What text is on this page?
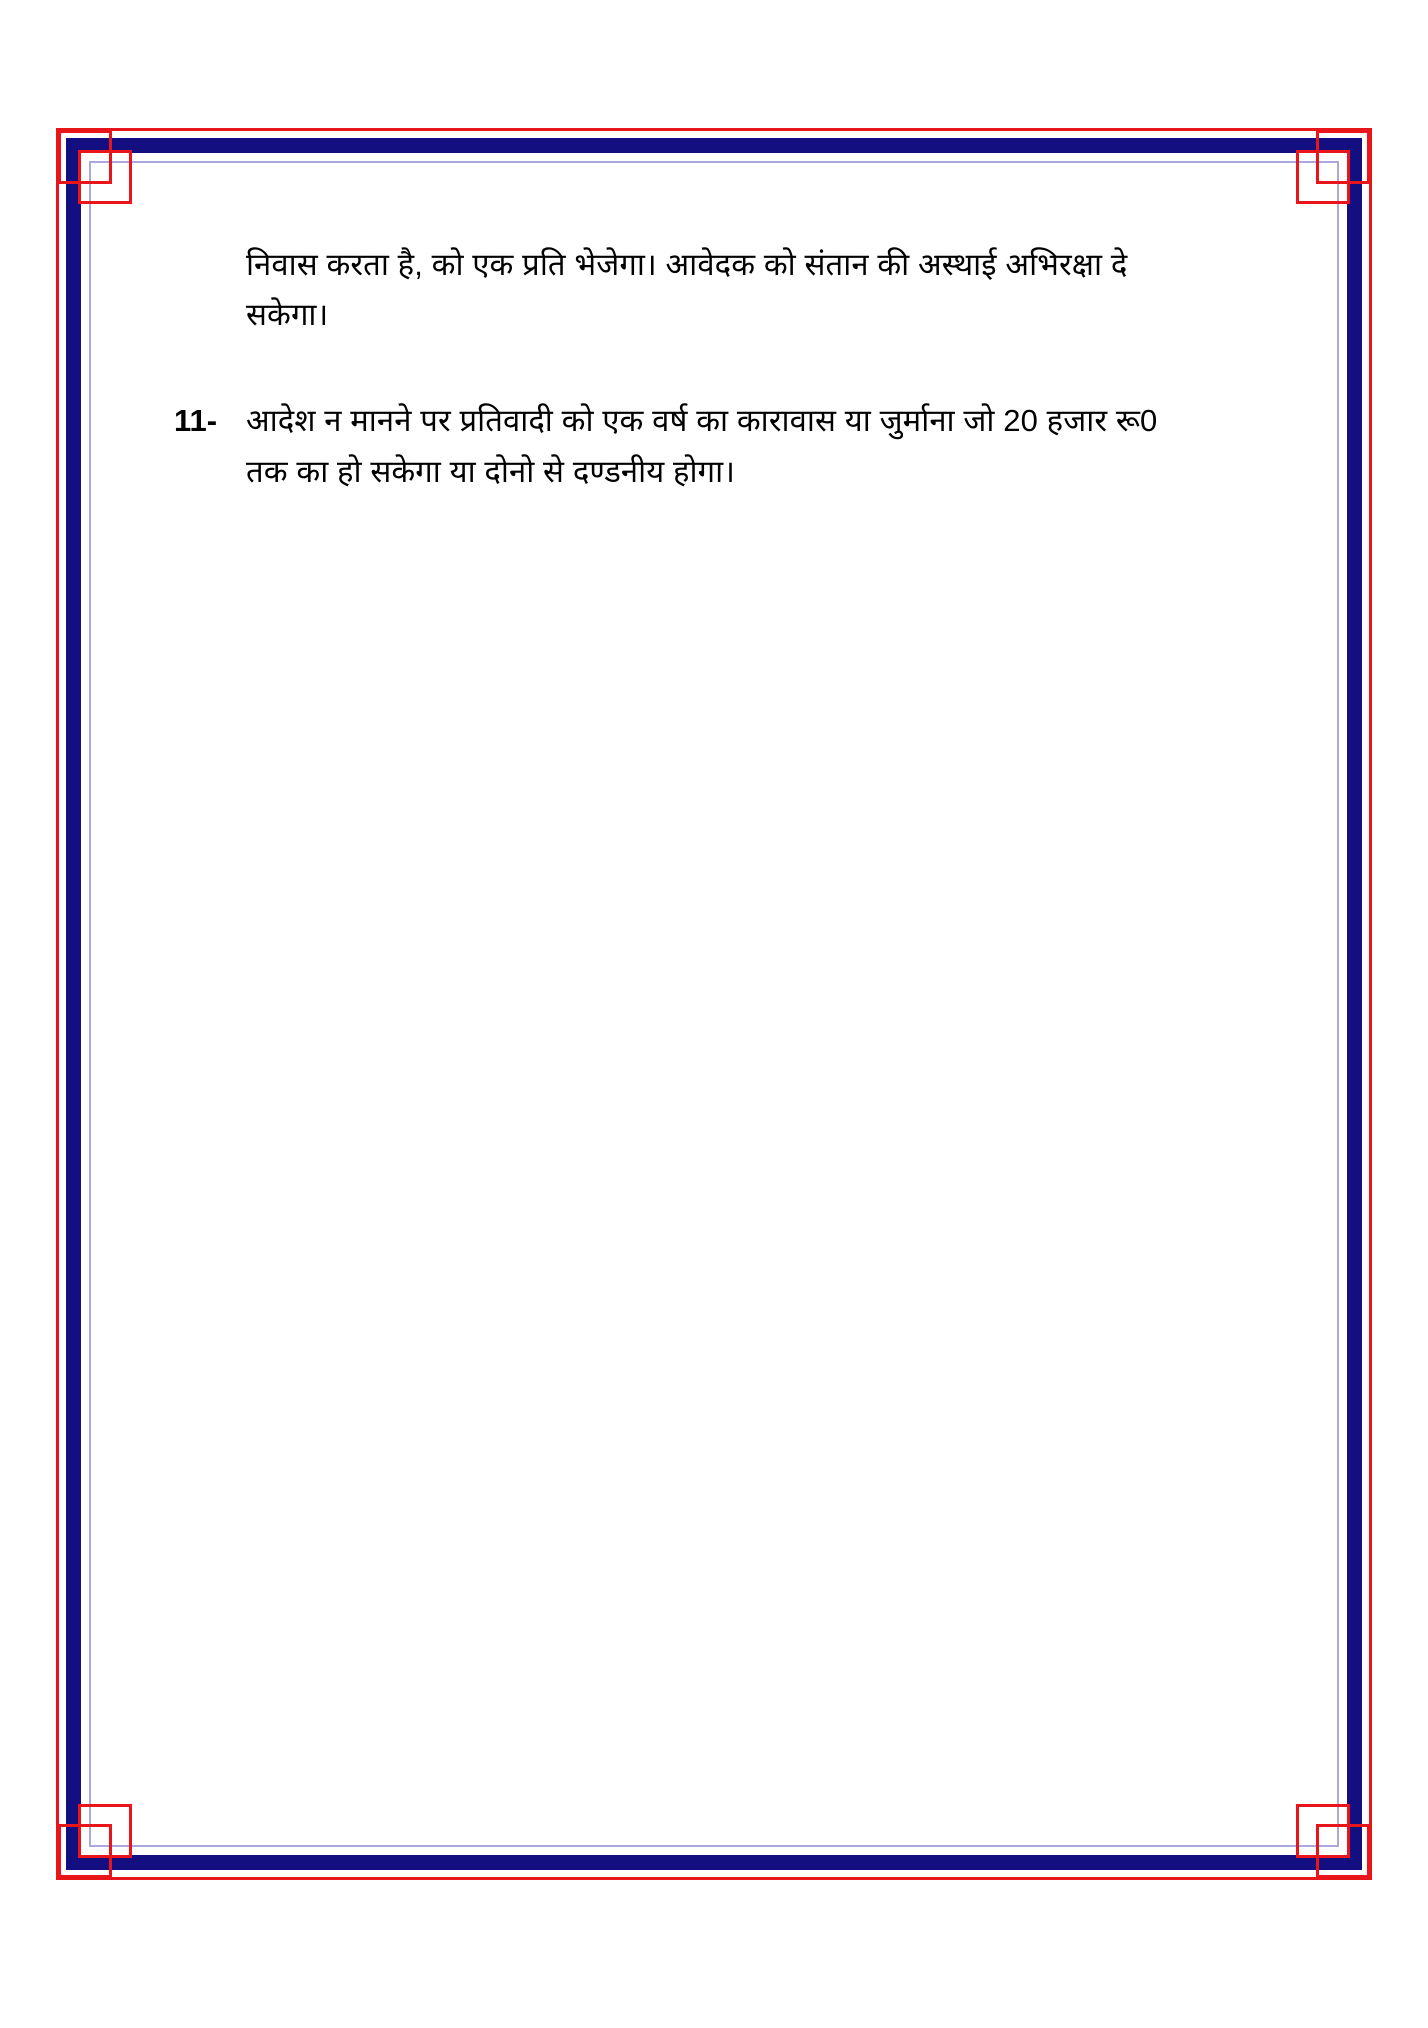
निवास करता है, को एक प्रति भेजेगा। आवेदक को संतान की अस्थाई अभिरक्षा दे सकेगा।

11- आदेश न मानने पर प्रतिवादी को एक वर्ष का कारावास या जुर्माना जो 20 हजार रू0 तक का हो सकेगा या दोनो से दण्डनीय होगा।
